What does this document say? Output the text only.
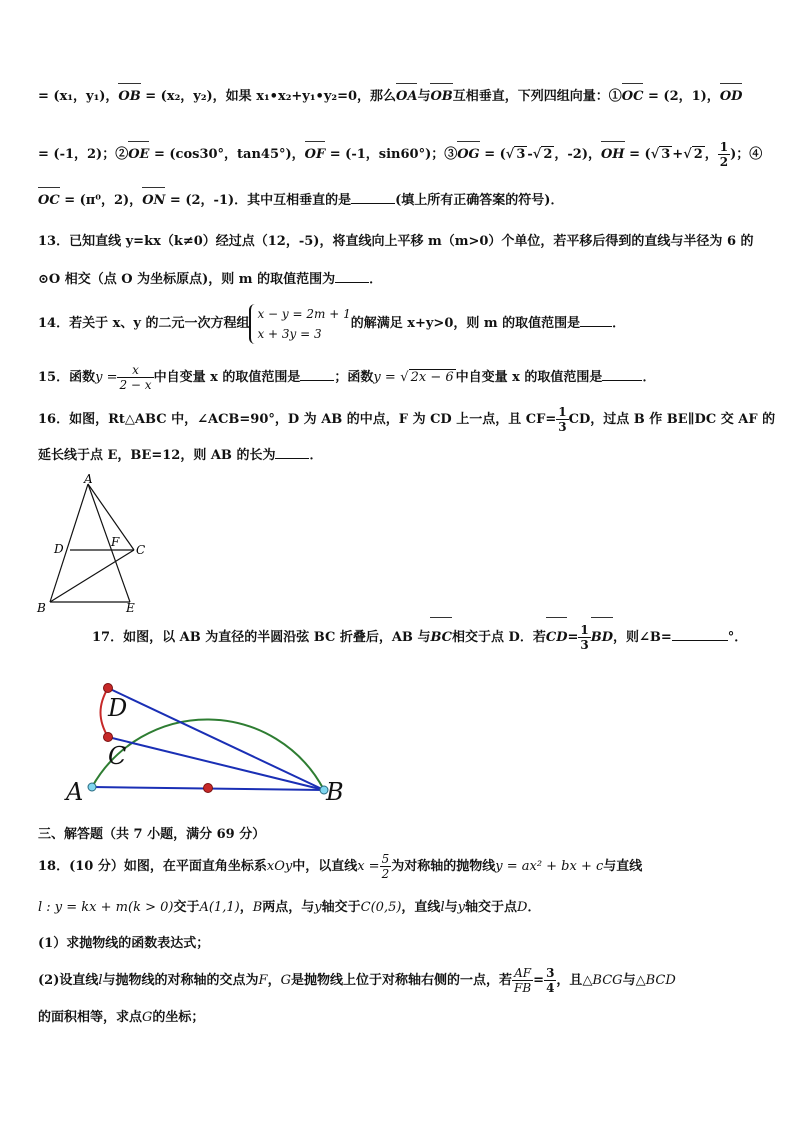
= (x₁，y₁)，OB = (x₂，y₂)，如果 x₁•x₂+y₁•y₂=0，那么OA与OB互相垂直，下列四组向量：①OC = (2，1)，OD
= (-1，2)；②OE = (cos30°，tan45°)，OF = (-1，sin60°)；③OG = (√ 3 -√ 2 ，-2)，OH = (√ 3 +√ 2 ， $\frac{1}{2}$ )；④
OC = (π⁰，2)，ON = (2，-1)．其中互相垂直的是	(填上所有正确答案的符号)．
13．已知直线 y=kx（k≠0）经过点（12，-5)，将直线向上平移 m（m>0）个单位，若平移后得到的直线与半径为 6 的
⊙O 相交（点 O 为坐标原点)，则 m 的取值范围为	．
14．若关于 x、y 的二元一次方程组
x − y = 2m + 1
x + 3y = 3
的解满足 x+y>0，则 m 的取值范围是 ．
15．函数$y = \frac{x}{2 - x}$ 中自变量 x 的取值范围是	；函数y = √ 2x − 6 中自变量 x 的取值范围是	．
16．如图，Rt△ABC 中，∠ACB=90°，D 为 AB 的中点，F 为 CD 上一点，且 $CF= \frac{1}{3}$ CD，过点 B 作 BE∥DC 交 AF 的
延长线于点 E，BE=12，则 AB 的长为	．
A
D	F
C
B	E
17．如图，以 AB 为直径的半圆沿弦 BC 折叠后，AB 与BC相交于点 D．若$CD= \frac{1}{3}$ BD，则∠B=	°．
D
C
A	B
三、解答题（共 7 小题，满分 69 分）
18．(10 分）如图，在平面直角坐标系xOy中，以直线$x = \frac{5}{2}$ 为对称轴的抛物线y = ax² + bx + c与直线
l : y = kx + m(k > 0)交于A(1,1)，B两点，与y轴交于C(0,5)，直线l与y轴交于点D．
(1）求抛物线的函数表达式；
(2)设直线l与抛物线的对称轴的交点为F，G是抛物线上位于对称轴右侧的一点，若 $\frac{AF}{FB} = \frac{3}{4}$ ，且△BCG与△BCD
的面积相等，求点G的坐标；
